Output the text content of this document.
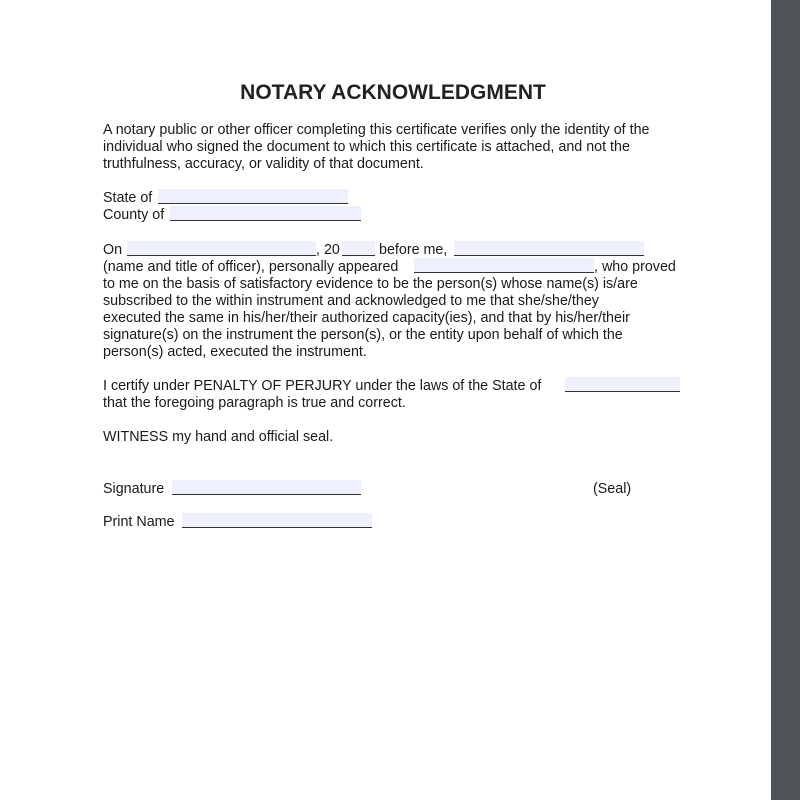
NOTARY ACKNOWLEDGMENT
A notary public or other officer completing this certificate verifies only the identity of the
individual who signed the document to which this certificate is attached, and not the
truthfulness, accuracy, or validity of that document.
State of
County of
On	, 20	before me,
(name and title of officer), personally appeared	, who proved
to me on the basis of satisfactory evidence to be the person(s) whose name(s) is/are
subscribed to the within instrument and acknowledged to me that she/she/they
executed the same in his/her/their authorized capacity(ies), and that by his/her/their
signature(s) on the instrument the person(s), or the entity upon behalf of which the
person(s) acted, executed the instrument.
I certify under PENALTY OF PERJURY under the laws of the State of
that the foregoing paragraph is true and correct.
WITNESS my hand and official seal.
Signature	(Seal)
Print Name
